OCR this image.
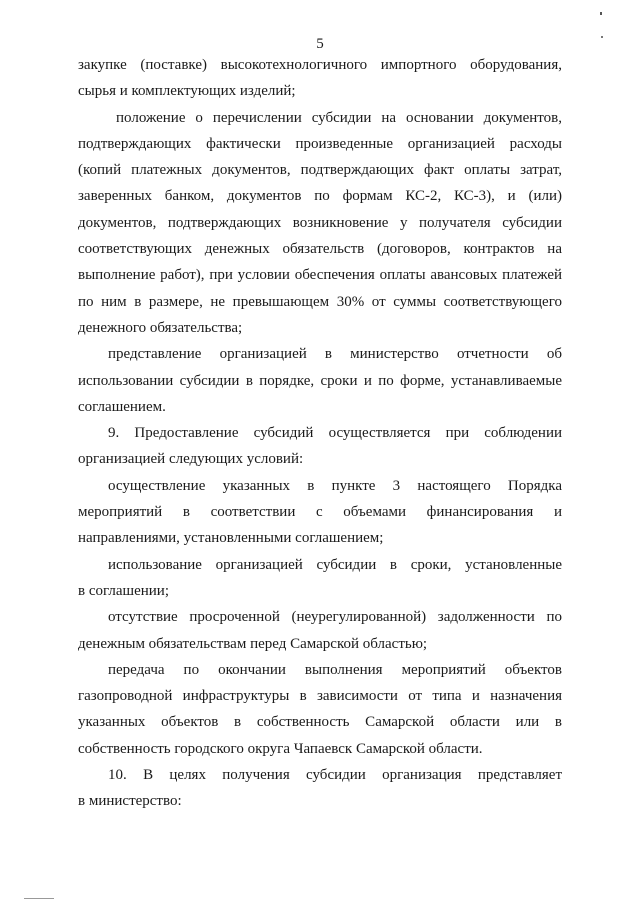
5
закупке (поставке) высокотехнологичного импортного оборудования,
сырья и комплектующих изделий;
положение о перечислении субсидии на основании документов,
подтверждающих фактически произведенные организацией расходы
(копий платежных документов, подтверждающих факт оплаты затрат,
заверенных банком, документов по формам КС-2, КС-3), и (или)
документов, подтверждающих возникновение у получателя субсидии
соответствующих денежных обязательств (договоров, контрактов на
выполнение работ), при условии обеспечения оплаты авансовых платежей
по ним в размере, не превышающем 30% от суммы соответствующего
денежного обязательства;
представление организацией в министерство отчетности об
использовании субсидии в порядке, сроки и по форме, устанавливаемые
соглашением.
9. Предоставление субсидий осуществляется при соблюдении
организацией следующих условий:
осуществление указанных в пункте 3 настоящего Порядка
мероприятий в соответствии с объемами финансирования и
направлениями, установленными соглашением;
использование организацией субсидии в сроки, установленные
в соглашении;
отсутствие просроченной (неурегулированной) задолженности по
денежным обязательствам перед Самарской областью;
передача по окончании выполнения мероприятий объектов
газопроводной инфраструктуры в зависимости от типа и назначения
указанных объектов в собственность Самарской области или в
собственность городского округа Чапаевск Самарской области.
10. В целях получения субсидии организация представляет
в министерство:
